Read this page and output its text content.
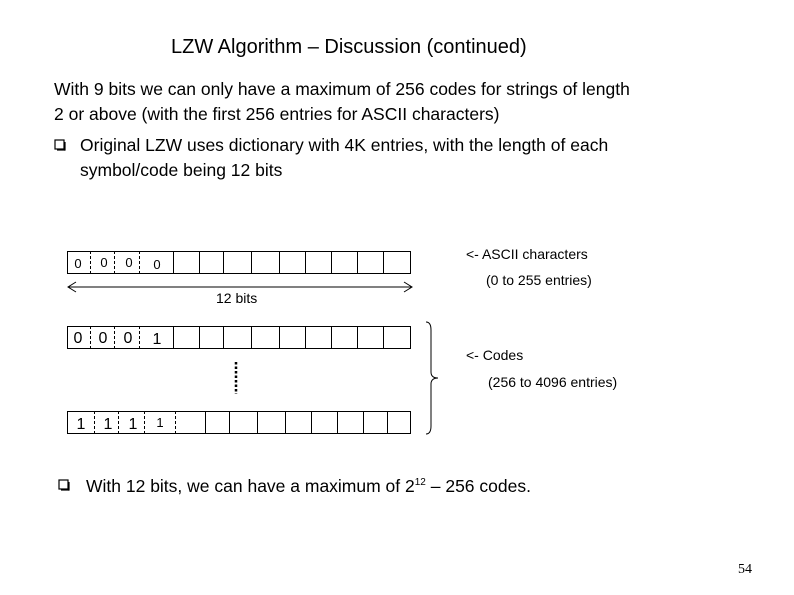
LZW Algorithm – Discussion (continued)
With 9 bits we can only have a maximum of 256 codes for strings of length
2 or above (with the first 256 entries for ASCII characters)
Original LZW uses dictionary with 4K entries, with the length of each
symbol/code being 12 bits
0 0 0 0
12 bits
0 0 0 1
1 1 1 1
<- ASCII characters
(0 to 255 entries)
<- Codes
(256 to 4096 entries)
With 12 bits, we can have a maximum of $2^{12} - 256$ codes.
54
